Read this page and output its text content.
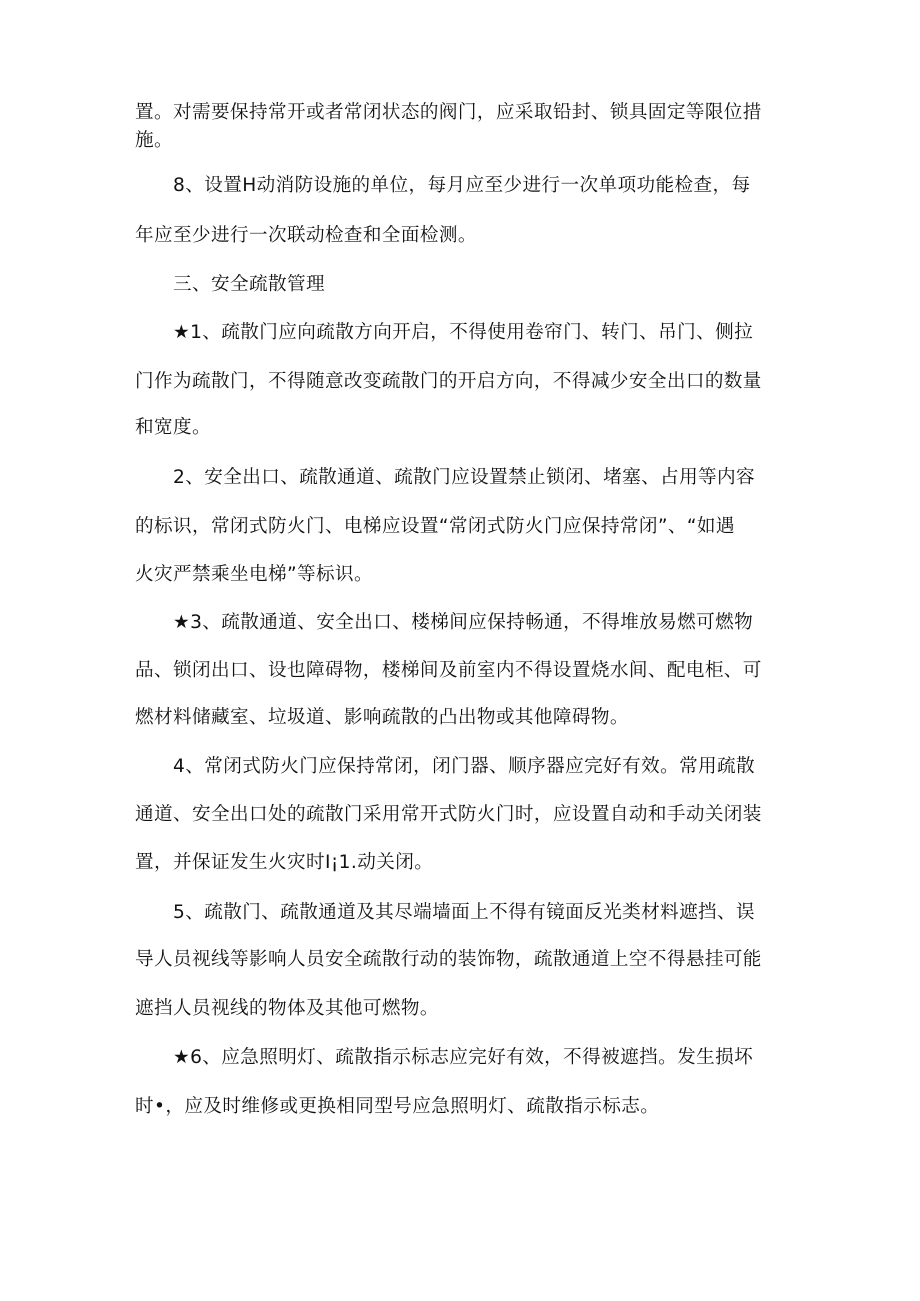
置。对需要保持常开或者常闭状态的阀门，应采取铅封、锁具固定等限位措

施。

8、设置H动消防设施的单位，每月应至少进行一次单项功能检查，每

年应至少进行一次联动检查和全面检测。

三、安全疏散管理

★1、疏散门应向疏散方向开启，不得使用卷帘门、转门、吊门、侧拉

门作为疏散门，不得随意改变疏散门的开启方向，不得减少安全出口的数量

和宽度。

2、安全出口、疏散通道、疏散门应设置禁止锁闭、堵塞、占用等内容

的标识，常闭式防火门、电梯应设置“常闭式防火门应保持常闭”、“如遇

火灾严禁乘坐电梯”等标识。

★3、疏散通道、安全出口、楼梯间应保持畅通，不得堆放易燃可燃物

品、锁闭出口、设也障碍物，楼梯间及前室内不得设置烧水间、配电柜、可

燃材料储藏室、垃圾道、影响疏散的凸出物或其他障碍物。

4、常闭式防火门应保持常闭，闭门器、顺序器应完好有效。常用疏散

通道、安全出口处的疏散门采用常开式防火门时，应设置自动和手动关闭装

置，并保证发生火灾时I¡1.动关闭。

5、疏散门、疏散通道及其尽端墙面上不得有镜面反光类材料遮挡、误

导人员视线等影响人员安全疏散行动的装饰物，疏散通道上空不得悬挂可能

遮挡人员视线的物体及其他可燃物。

★6、应急照明灯、疏散指示标志应完好有效，不得被遮挡。发生损坏

时•，应及时维修或更换相同型号应急照明灯、疏散指示标志。
